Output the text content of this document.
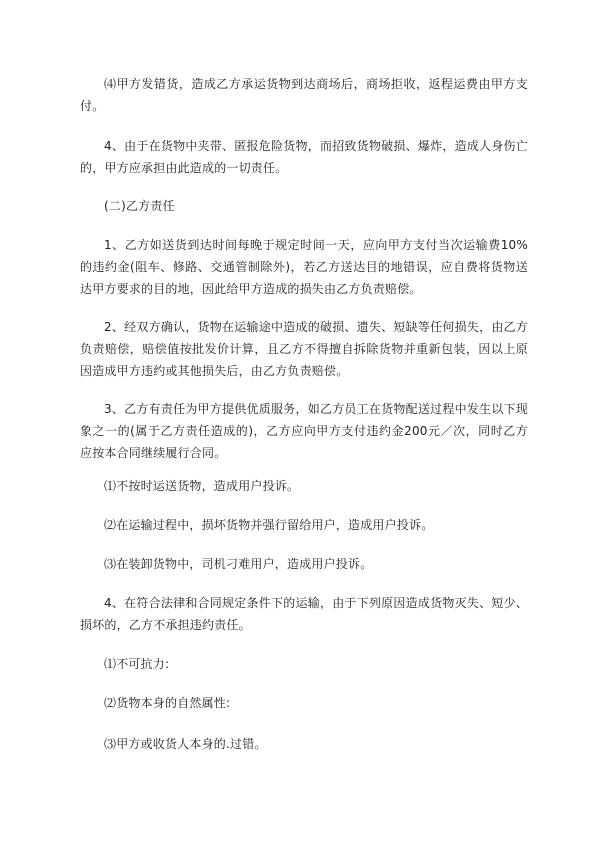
⑷甲方发错货，造成乙方承运货物到达商场后，商场拒收，返程运费由甲方支付。

4、由于在货物中夹带、匿报危险货物，而招致货物破损、爆炸，造成人身伤亡的，甲方应承担由此造成的一切责任。

(二)乙方责任

1、乙方如送货到达时间每晚于规定时间一天，应向甲方支付当次运输费10%的违约金(阻车、修路、交通管制除外)，若乙方送达目的地错误，应自费将货物送达甲方要求的目的地，因此给甲方造成的损失由乙方负责赔偿。

2、经双方确认，货物在运输途中造成的破损、遗失、短缺等任何损失，由乙方负责赔偿，赔偿值按批发价计算，且乙方不得擅自拆除货物并重新包装，因以上原因造成甲方违约或其他损失后，由乙方负责赔偿。

3、乙方有责任为甲方提供优质服务，如乙方员工在货物配送过程中发生以下现象之一的(属于乙方责任造成的)，乙方应向甲方支付违约金200元／次，同时乙方应按本合同继续履行合同。

⑴不按时运送货物，造成用户投诉。

⑵在运输过程中，损坏货物并强行留给用户，造成用户投诉。

⑶在装卸货物中，司机刁难用户，造成用户投诉。

4、在符合法律和合同规定条件下的运输，由于下列原因造成货物灭失、短少、损坏的，乙方不承担违约责任。

⑴不可抗力:

⑵货物本身的自然属性:

⑶甲方或收货人本身的.过错。
